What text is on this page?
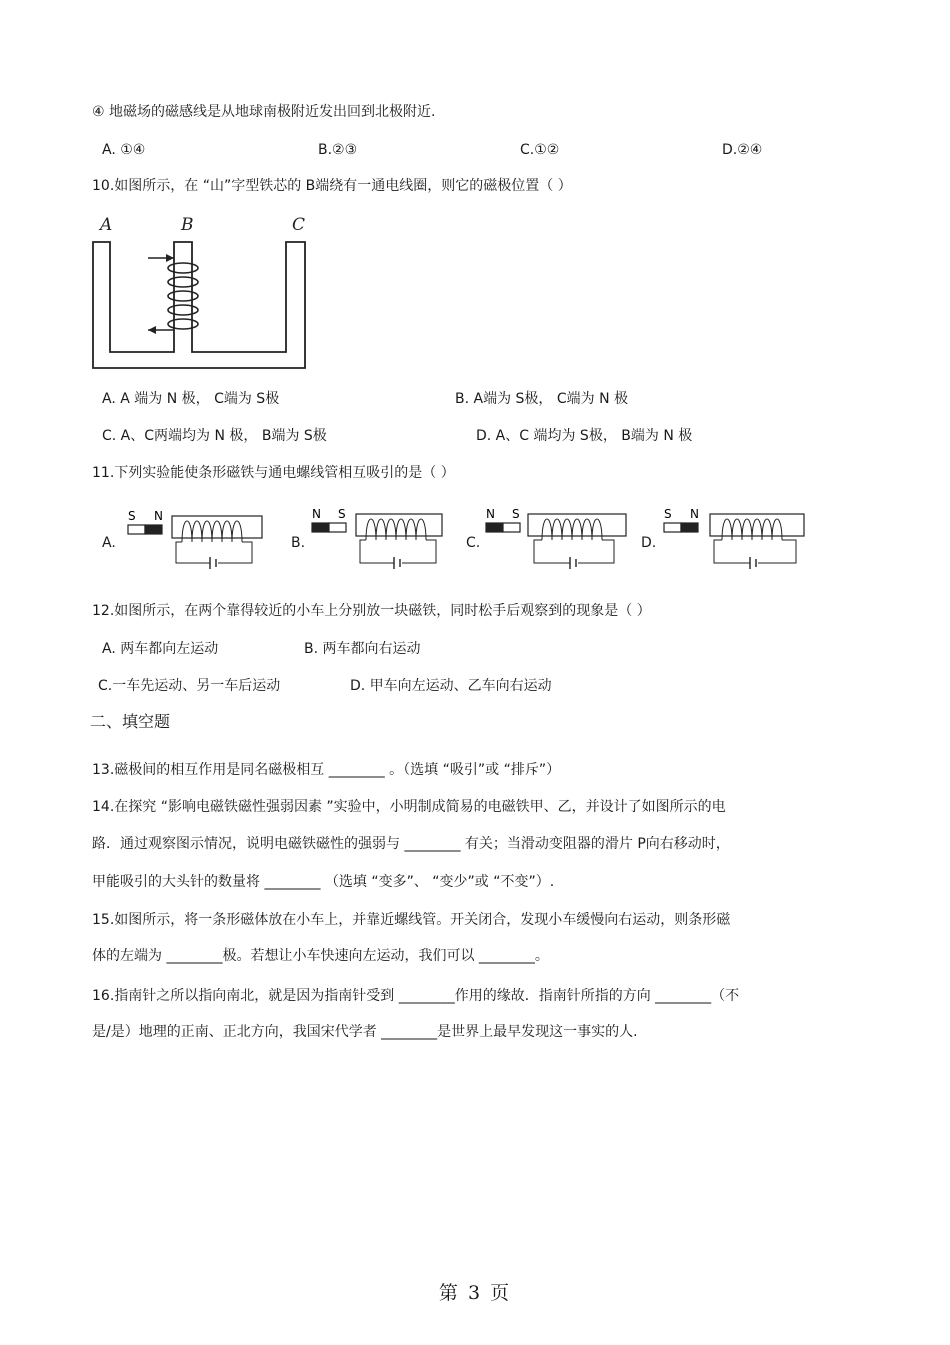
④ 地磁场的磁感线是从地球南极附近发出回到北极附近.
A. ①④	B.②③	C.①②	D.②④
10.如图所示，在 “山”字型铁芯的 B端绕有一通电线圈，则它的磁极位置（ ）
A	B	C
A. A 端为 N 极， C端为 S极	B. A端为 S极， C端为 N 极
C. A、C两端均为 N 极， B端为 S极	D. A、C 端均为 S极， B端为 N 极
11.下列实验能使条形磁铁与通电螺线管相互吸引的是（ ）
A.	B.	C.	D.
S N	N S	N S	S N
12.如图所示，在两个靠得较近的小车上分别放一块磁铁，同时松手后观察到的现象是（ ）
A. 两车都向左运动	B. 两车都向右运动
C.一车先运动、另一车后运动	D. 甲车向左运动、乙车向右运动
二、填空题
13.磁极间的相互作用是同名磁极相互 ________ 。（选填 “吸引”或 “排斥”）
14.在探究 “影响电磁铁磁性强弱因素 ”实验中，小明制成简易的电磁铁甲、乙，并设计了如图所示的电
路．通过观察图示情况，说明电磁铁磁性的强弱与 ________ 有关；当滑动变阻器的滑片 P向右移动时，
甲能吸引的大头针的数量将 ________ （选填 “变多”、 “变少”或 “不变”）.
15.如图所示，将一条形磁体放在小车上，并靠近螺线管。开关闭合，发现小车缓慢向右运动，则条形磁
体的左端为 ________极。若想让小车快速向左运动，我们可以 ________。
16.指南针之所以指向南北，就是因为指南针受到 ________作用的缘故．指南针所指的方向 ________（不
是/是）地理的正南、正北方向，我国宋代学者 ________是世界上最早发现这一事实的人.
第 3 页
